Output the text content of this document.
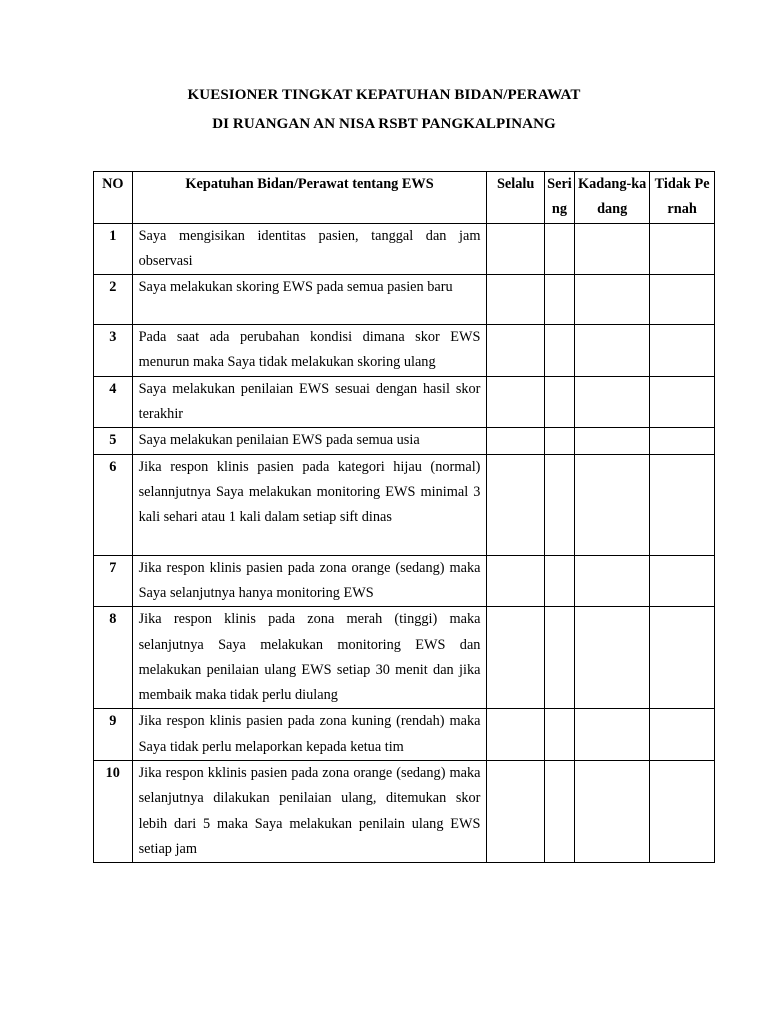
KUESIONER TINGKAT KEPATUHAN BIDAN/PERAWAT
DI RUANGAN AN NISA RSBT PANGKALPINANG
NO	Kepatuhan Bidan/Perawat tentang EWS	Selalu	Sering	Kadang-kadang	Tidak Pernah
1	Saya mengisikan identitas pasien, tanggal dan jam observasi				
2	Saya melakukan skoring EWS pada semua pasien baru				
3	Pada saat ada perubahan kondisi dimana skor EWS menurun maka Saya tidak melakukan skoring ulang				
4	Saya melakukan penilaian EWS sesuai dengan hasil skor terakhir				
5	Saya melakukan penilaian EWS pada semua usia				
6	Jika respon klinis pasien pada kategori hijau (normal) selannjutnya Saya melakukan monitoring EWS minimal 3 kali sehari atau 1 kali dalam setiap sift dinas				
7	Jika respon klinis pasien pada zona orange (sedang) maka Saya selanjutnya hanya monitoring EWS				
8	Jika respon klinis pada zona merah (tinggi) maka selanjutnya Saya melakukan monitoring EWS dan melakukan penilaian ulang EWS setiap 30 menit dan jika membaik maka tidak perlu diulang				
9	Jika respon klinis pasien pada zona kuning (rendah) maka Saya tidak perlu melaporkan kepada ketua tim				
10	Jika respon kklinis pasien pada zona orange (sedang) maka selanjutnya dilakukan penilaian ulang, ditemukan skor lebih dari 5 maka Saya melakukan penilain ulang EWS setiap jam				
